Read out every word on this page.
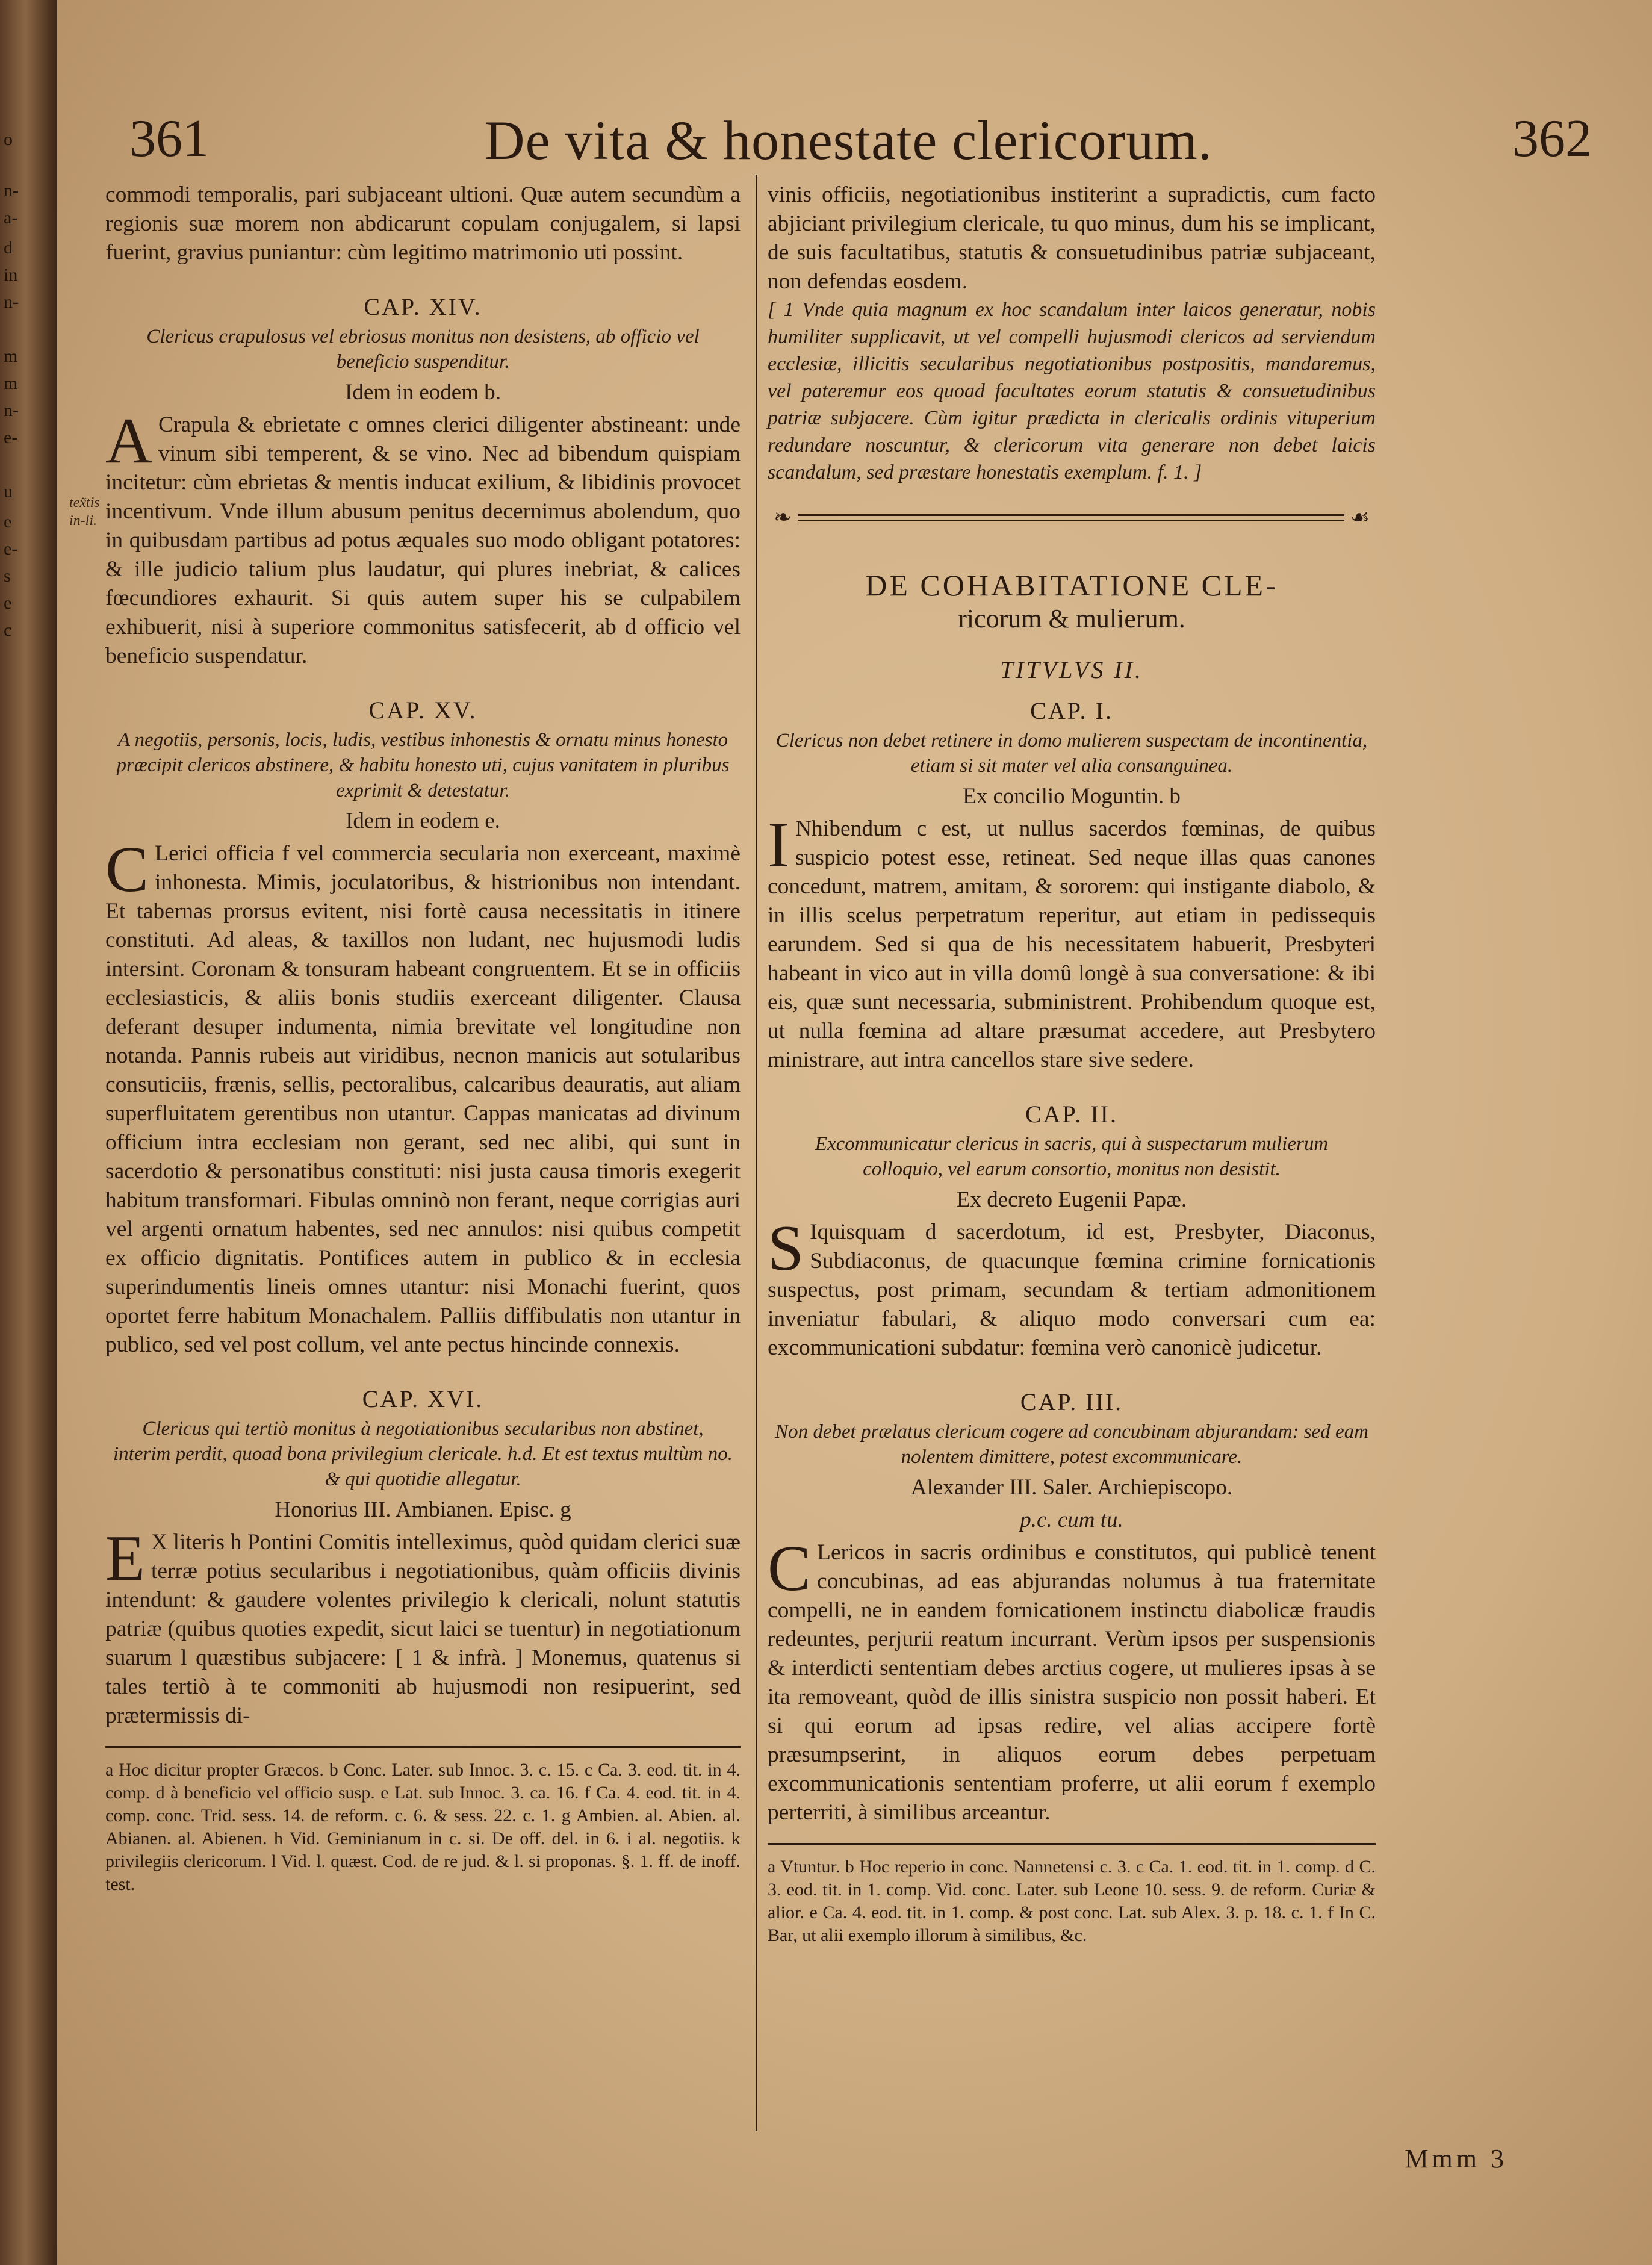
o
n-
a-
d
in
n-
m
m
n-
e-
u
e
e-
s
e
c
361	De vita & honestate clericorum.	362
tex̃tis in-li.

commodi temporalis, pari subjaceant ultioni. Quæ autem secundùm a regionis suæ morem non abdicarunt copulam conjugalem, si lapsi fuerint, gravius puniantur: cùm legitimo matrimonio uti possint.

CAP. XIV.
Clericus crapulosus vel ebriosus monitus non desistens, ab officio vel beneficio suspenditur.
Idem in eodem b.

A Crapula & ebrietate c omnes clerici diligenter abstineant: unde vinum sibi temperent, & se vino. Nec ad bibendum quispiam incitetur: cùm ebrietas & mentis inducat exilium, & libidinis provocet incentivum. Vnde illum abusum penitus decernimus abolendum, quo in quibusdam partibus ad potus æquales suo modo obligant potatores: & ille judicio talium plus laudatur, qui plures inebriat, & calices fœcundiores exhaurit. Si quis autem super his se culpabilem exhibuerit, nisi à superiore commonitus satisfecerit, ab d officio vel beneficio suspendatur.

CAP. XV.
A negotiis, personis, locis, ludis, vestibus inhonestis & ornatu minus honesto præcipit clericos abstinere, & habitu honesto uti, cujus vanitatem in pluribus exprimit & detestatur.
Idem in eodem e.

C Lerici officia f vel commercia secularia non exerceant, maximè inhonesta. Mimis, joculatoribus, & histrionibus non intendant. Et tabernas prorsus evitent, nisi fortè causa necessitatis in itinere constituti. Ad aleas, & taxillos non ludant, nec hujusmodi ludis intersint. Coronam & tonsuram habeant congruentem. Et se in officiis ecclesiasticis, & aliis bonis studiis exerceant diligenter. Clausa deferant desuper indumenta, nimia brevitate vel longitudine non notanda. Pannis rubeis aut viridibus, necnon manicis aut sotularibus consuticiis, frænis, sellis, pectoralibus, calcaribus deauratis, aut aliam superfluitatem gerentibus non utantur. Cappas manicatas ad divinum officium intra ecclesiam non gerant, sed nec alibi, qui sunt in sacerdotio & personatibus constituti: nisi justa causa timoris exegerit habitum transformari. Fibulas omninò non ferant, neque corrigias auri vel argenti ornatum habentes, sed nec annulos: nisi quibus competit ex officio dignitatis. Pontifices autem in publico & in ecclesia superindumentis lineis omnes utantur: nisi Monachi fuerint, quos oportet ferre habitum Monachalem. Palliis diffibulatis non utantur in publico, sed vel post collum, vel ante pectus hincinde connexis.

CAP. XVI.
Clericus qui tertiò monitus à negotiationibus secularibus non abstinet, interim perdit, quoad bona privilegium clericale. h.d. Et est textus multùm no. & qui quotidie allegatur.
Honorius III. Ambianen. Episc. g

E X literis h Pontini Comitis intelleximus, quòd quidam clerici suæ terræ potius secularibus i negotiationibus, quàm officiis divinis intendunt: & gaudere volentes privilegio k clericali, nolunt statutis patriæ (quibus quoties expedit, sicut laici se tuentur) in negotiationum suarum l quæstibus subjacere: [ 1 & infrà. ] Monemus, quatenus si tales tertiò à te commoniti ab hujusmodi non resipuerint, sed prætermissis di-

a Hoc dicitur propter Græcos. b Conc. Later. sub Innoc. 3. c. 15. c Ca. 3. eod. tit. in 4. comp. d à beneficio vel officio susp. e Lat. sub Innoc. 3. ca. 16. f Ca. 4. eod. tit. in 4. comp. conc. Trid. sess. 14. de reform. c. 6. & sess. 22. c. 1. g Ambien. al. Abien. al. Abianen. al. Abienen. h Vid. Geminianum in c. si. De off. del. in 6. i al. negotiis. k privilegiis clericorum. l Vid. l. quæst. Cod. de re jud. & l. si proponas. §. 1. ff. de inoff. test.

vinis officiis, negotiationibus institerint a supradictis, cum facto abjiciant privilegium clericale, tu quo minus, dum his se implicant, de suis facultatibus, statutis & consuetudinibus patriæ subjaceant, non defendas eosdem.

[ 1 Vnde quia magnum ex hoc scandalum inter laicos generatur, nobis humiliter supplicavit, ut vel compelli hujusmodi clericos ad serviendum ecclesiæ, illicitis secularibus negotiationibus postpositis, mandaremus, vel pateremur eos quoad facultates eorum statutis & consuetudinibus patriæ subjacere. Cùm igitur prædicta in clericalis ordinis vituperium redundare noscuntur, & clericorum vita generare non debet laicis scandalum, sed præstare honestatis exemplum. f. 1. ]

❧	☙
DE COHABITATIONE CLE-
ricorum & mulierum.
TITVLVS II.
CAP. I.
Clericus non debet retinere in domo mulierem suspectam de incontinentia, etiam si sit mater vel alia consanguinea.
Ex concilio Moguntin. b

I Nhibendum c est, ut nullus sacerdos fœminas, de quibus suspicio potest esse, retineat. Sed neque illas quas canones concedunt, matrem, amitam, & sororem: qui instigante diabolo, & in illis scelus perpetratum reperitur, aut etiam in pedissequis earundem. Sed si qua de his necessitatem habuerit, Presbyteri habeant in vico aut in villa domû longè à sua conversatione: & ibi eis, quæ sunt necessaria, subministrent. Prohibendum quoque est, ut nulla fœmina ad altare præsumat accedere, aut Presbytero ministrare, aut intra cancellos stare sive sedere.

CAP. II.
Excommunicatur clericus in sacris, qui à suspectarum mulierum colloquio, vel earum consortio, monitus non desistit.
Ex decreto Eugenii Papæ.

S Iquisquam d sacerdotum, id est, Presbyter, Diaconus, Subdiaconus, de quacunque fœmina crimine fornicationis suspectus, post primam, secundam & tertiam admonitionem inveniatur fabulari, & aliquo modo conversari cum ea: excommunicationi subdatur: fœmina verò canonicè judicetur.

CAP. III.
Non debet prælatus clericum cogere ad concubinam abjurandam: sed eam nolentem dimittere, potest excommunicare.
Alexander III. Saler. Archiepiscopo.
p.c. cum tu.

C Lericos in sacris ordinibus e constitutos, qui publicè tenent concubinas, ad eas abjurandas nolumus à tua fraternitate compelli, ne in eandem fornicationem instinctu diabolicæ fraudis redeuntes, perjurii reatum incurrant. Verùm ipsos per suspensionis & interdicti sententiam debes arctius cogere, ut mulieres ipsas à se ita removeant, quòd de illis sinistra suspicio non possit haberi. Et si qui eorum ad ipsas redire, vel alias accipere fortè præsumpserint, in aliquos eorum debes perpetuam excommunicationis sententiam proferre, ut alii eorum f exemplo perterriti, à similibus arceantur.

a Vtuntur. b Hoc reperio in conc. Nannetensi c. 3. c Ca. 1. eod. tit. in 1. comp. d C. 3. eod. tit. in 1. comp. Vid. conc. Later. sub Leone 10. sess. 9. de reform. Curiæ & alior. e Ca. 4. eod. tit. in 1. comp. & post conc. Lat. sub Alex. 3. p. 18. c. 1. f In C. Bar, ut alii exemplo illorum à similibus, &c.
Mmm 3
